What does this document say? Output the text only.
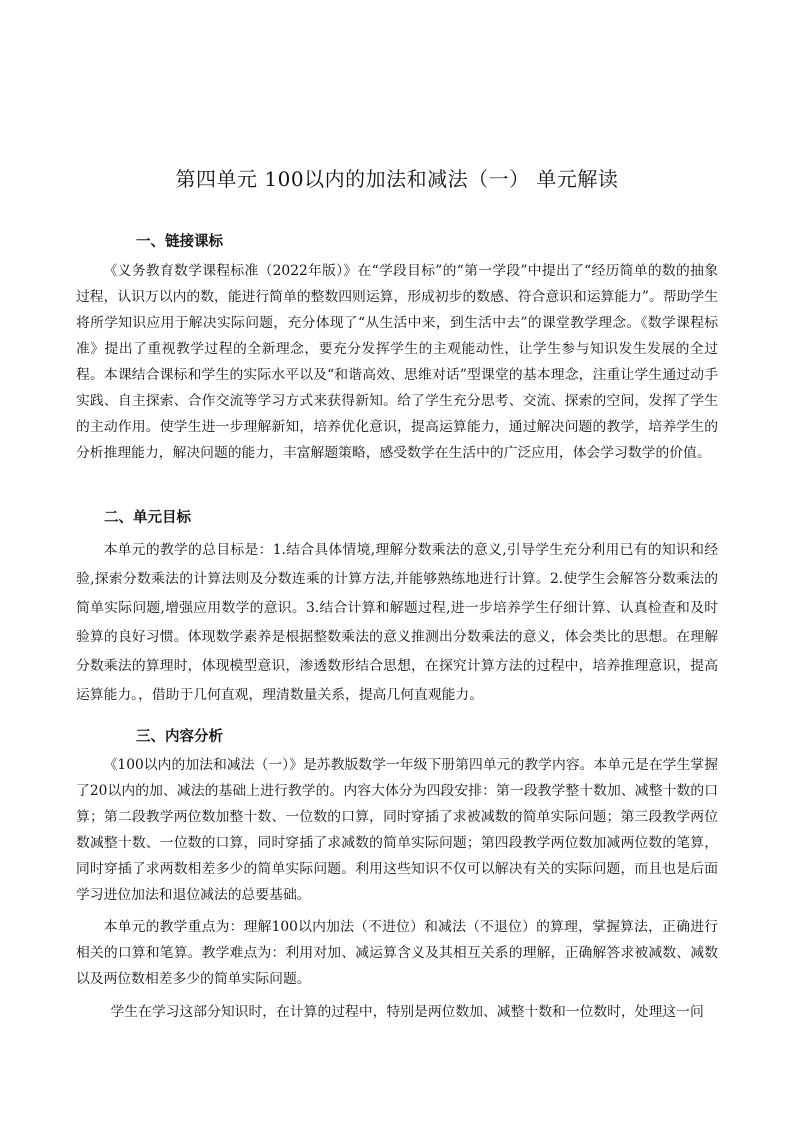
第四单元 100以内的加法和减法（一） 单元解读
一、链接课标
《义务教育数学课程标准（2022年版）》在“学段目标”的“第一学段”中提出了“经历简单的数的抽象过程，认识万以内的数，能进行简单的整数四则运算，形成初步的数感、符合意识和运算能力”。帮助学生将所学知识应用于解决实际问题，充分体现了“从生活中来，到生活中去”的课堂教学理念。《数学课程标准》提出了重视教学过程的全新理念，要充分发挥学生的主观能动性，让学生参与知识发生发展的全过程。本课结合课标和学生的实际水平以及“和谐高效、思维对话”型课堂的基本理念，注重让学生通过动手实践、自主探索、合作交流等学习方式来获得新知。给了学生充分思考、交流、探索的空间，发挥了学生的主动作用。使学生进一步理解新知，培养优化意识，提高运算能力，通过解决问题的教学，培养学生的分析推理能力，解决问题的能力，丰富解题策略，感受数学在生活中的广泛应用，体会学习数学的价值。
二、单元目标
本单元的教学的总目标是：1.结合具体情境,理解分数乘法的意义,引导学生充分利用已有的知识和经验,探索分数乘法的计算法则及分数连乘的计算方法,并能够熟练地进行计算。2.使学生会解答分数乘法的简单实际问题,增强应用数学的意识。3.结合计算和解题过程,进一步培养学生仔细计算、认真检查和及时验算的良好习惯。体现数学素养是根据整数乘法的意义推测出分数乘法的意义，体会类比的思想。在理解分数乘法的算理时，体现模型意识，渗透数形结合思想，在探究计算方法的过程中，培养推理意识，提高运算能力。，借助于几何直观，理清数量关系，提高几何直观能力。
三、内容分析
《100以内的加法和减法（一）》是苏教版数学一年级下册第四单元的教学内容。本单元是在学生掌握了20以内的加、减法的基础上进行教学的。内容大体分为四段安排：第一段教学整十数加、减整十数的口算；第二段教学两位数加整十数、一位数的口算，同时穿插了求被减数的简单实际问题；第三段教学两位数减整十数、一位数的口算，同时穿插了求减数的简单实际问题；第四段教学两位数加减两位数的笔算，同时穿插了求两数相差多少的简单实际问题。利用这些知识不仅可以解决有关的实际问题，而且也是后面学习进位加法和退位减法的总要基础。
本单元的教学重点为：理解100以内加法（不进位）和减法（不退位）的算理，掌握算法，正确进行相关的口算和笔算。教学难点为：利用对加、减运算含义及其相互关系的理解，正确解答求被减数、减数以及两位数相差多少的简单实际问题。
学生在学习这部分知识时，在计算的过程中，特别是两位数加、减整十数和一位数时，处理这一问
